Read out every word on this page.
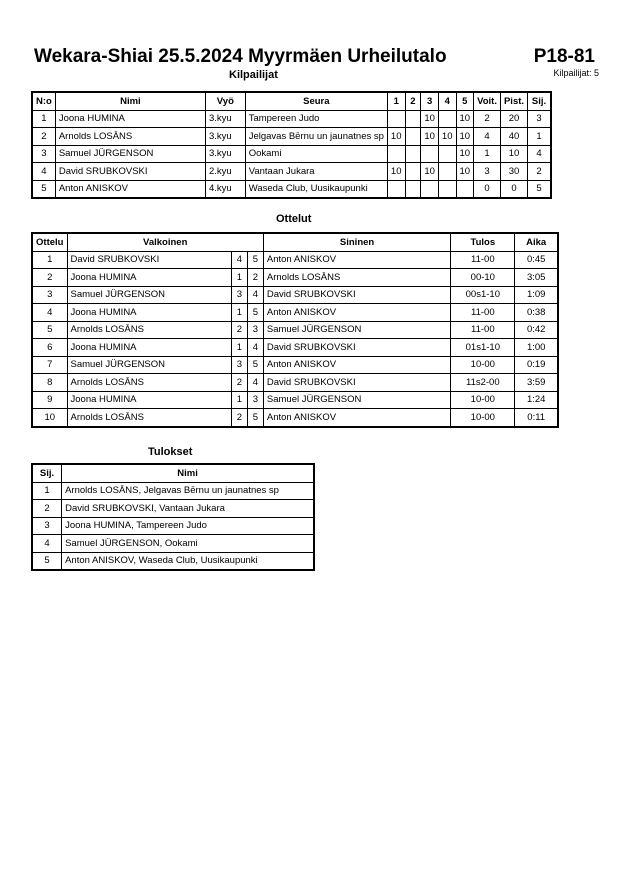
Wekara-Shiai 25.5.2024 Myyrmäen Urheilutalo	P18-81
Kilpailijat	Kilpailijat: 5
N:o	Nimi	Vyö	Seura	1	2	3	4	5	Voit.	Pist.	Sij.
1	Joona HUMINA	3.kyu	Tampereen Judo			10		10	2	20	3
2	Arnolds LOSĀNS	3.kyu	Jelgavas Bērnu un jaunatnes sp	10		10	10	10	4	40	1
3	Samuel JÜRGENSON	3.kyu	Ookami					10	1	10	4
4	David SRUBKOVSKI	2.kyu	Vantaan Jukara	10		10		10	3	30	2
5	Anton ANISKOV	4.kyu	Waseda Club, Uusikaupunki						0	0	5
Ottelut
Ottelu	Valkoinen			Sininen	Tulos	Aika
1	David SRUBKOVSKI	4	5	Anton ANISKOV	11-00	0:45
2	Joona HUMINA	1	2	Arnolds LOSĀNS	00-10	3:05
3	Samuel JÜRGENSON	3	4	David SRUBKOVSKI	00s1-10	1:09
4	Joona HUMINA	1	5	Anton ANISKOV	11-00	0:38
5	Arnolds LOSĀNS	2	3	Samuel JÜRGENSON	11-00	0:42
6	Joona HUMINA	1	4	David SRUBKOVSKI	01s1-10	1:00
7	Samuel JÜRGENSON	3	5	Anton ANISKOV	10-00	0:19
8	Arnolds LOSĀNS	2	4	David SRUBKOVSKI	11s2-00	3:59
9	Joona HUMINA	1	3	Samuel JÜRGENSON	10-00	1:24
10	Arnolds LOSĀNS	2	5	Anton ANISKOV	10-00	0:11
Tulokset
Sij.	Nimi
1	Arnolds LOSĀNS, Jelgavas Bērnu un jaunatnes sp
2	David SRUBKOVSKI, Vantaan Jukara
3	Joona HUMINA, Tampereen Judo
4	Samuel JÜRGENSON, Ookami
5	Anton ANISKOV, Waseda Club, Uusikaupunki
